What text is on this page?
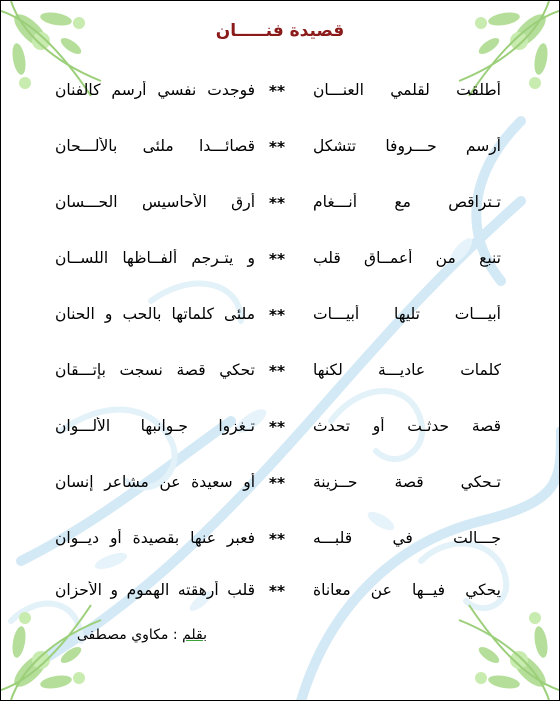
قصيدة فنـــــان
أطلقت لقلمي العنـــان
**
فوجدت نفسي أرسم كالفنان
أرسم حـــروفا تتشكل
**
قصائـــدا ملئى بالألـــحان
تـتراقص مع أنـــغام
**
أرق الأحاسيس الحـــسان
تنبع من أعمــاق قلب
**
و يتـرجم ألفــاظها اللســان
أبيـــات تليها أبيـــات
**
ملئى كلماتها بالحب و الحنان
كلمات عاديـــة لكنها
**
تحكي قصة نسجت بإتـــقان
قصة حدثـت أو تحدث
**
تـغزوا جـوانبها الألـــوان
تـحكي قصة حــزينة
**
أو سعيدة عن مشاعر إنسان
جـــالت في قلبـــه
**
فعبر عنها بقصيدة أو ديــوان
يحكي فيــها عن معاناة
**
قلب أرهقته الهموم و الأحزان
بقلم : مكاوي مصطفى
